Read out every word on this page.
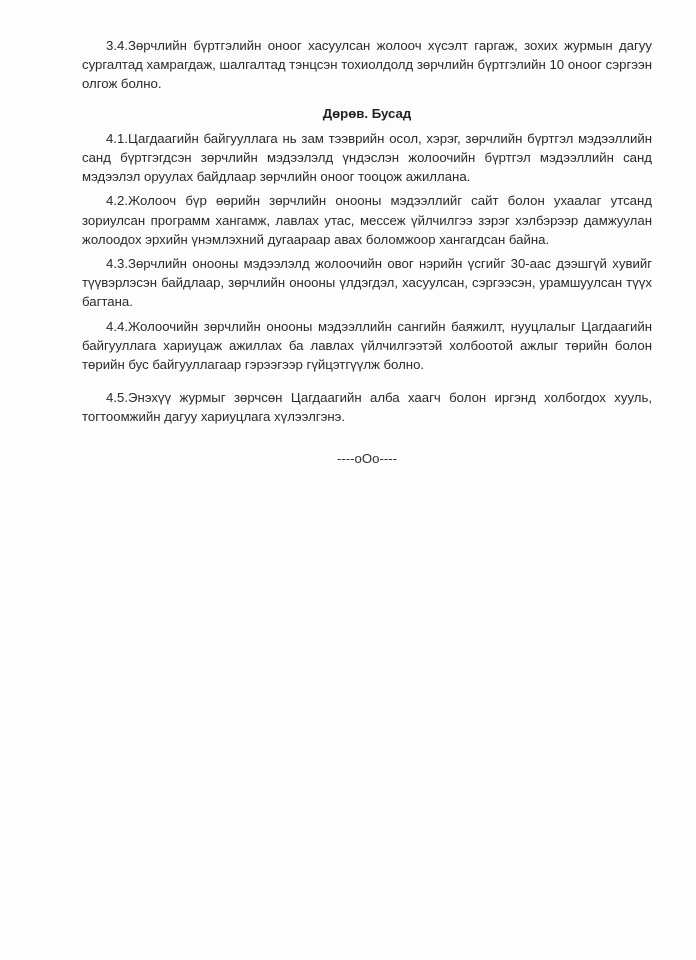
3.4.Зөрчлийн бүртгэлийн оноог хасуулсан жолооч хүсэлт гаргаж, зохих журмын дагуу сургалтад хамрагдаж, шалгалтад тэнцсэн тохиолдолд зөрчлийн бүртгэлийн 10 оноог сэргээн олгож болно.

Дөрөв. Бусад

4.1.Цагдаагийн байгууллага нь зам тээврийн осол, хэрэг, зөрчлийн бүртгэл мэдээллийн санд бүртгэгдсэн зөрчлийн мэдээлэлд үндэслэн жолоочийн бүртгэл мэдээллийн санд мэдээлэл оруулах байдлаар зөрчлийн оноог тооцож ажиллана.

4.2.Жолооч бүр өөрийн зөрчлийн онооны мэдээллийг сайт болон ухаалаг утсанд зориулсан программ хангамж, лавлах утас, мессеж үйлчилгээ зэрэг хэлбэрээр дамжуулан жолоодох эрхийн үнэмлэхний дугаараар авах боломжоор хангагдсан байна.

4.3.Зөрчлийн онооны мэдээлэлд жолоочийн овог нэрийн үсгийг 30-аас дээшгүй хувийг түүвэрлэсэн байдлаар, зөрчлийн онооны үлдэгдэл, хасуулсан, сэргээсэн, урамшуулсан түүх багтана.

4.4.Жолоочийн зөрчлийн онооны мэдээллийн сангийн баяжилт, нууцлалыг Цагдаагийн байгууллага хариуцаж ажиллах ба лавлах үйлчилгээтэй холбоотой ажлыг төрийн болон төрийн бус байгууллагаар гэрээгээр гүйцэтгүүлж болно.

4.5.Энэхүү журмыг зөрчсөн Цагдаагийн алба хаагч болон иргэнд холбогдох хууль, тогтоомжийн дагуу хариуцлага хүлээлгэнэ.

----oOo----
